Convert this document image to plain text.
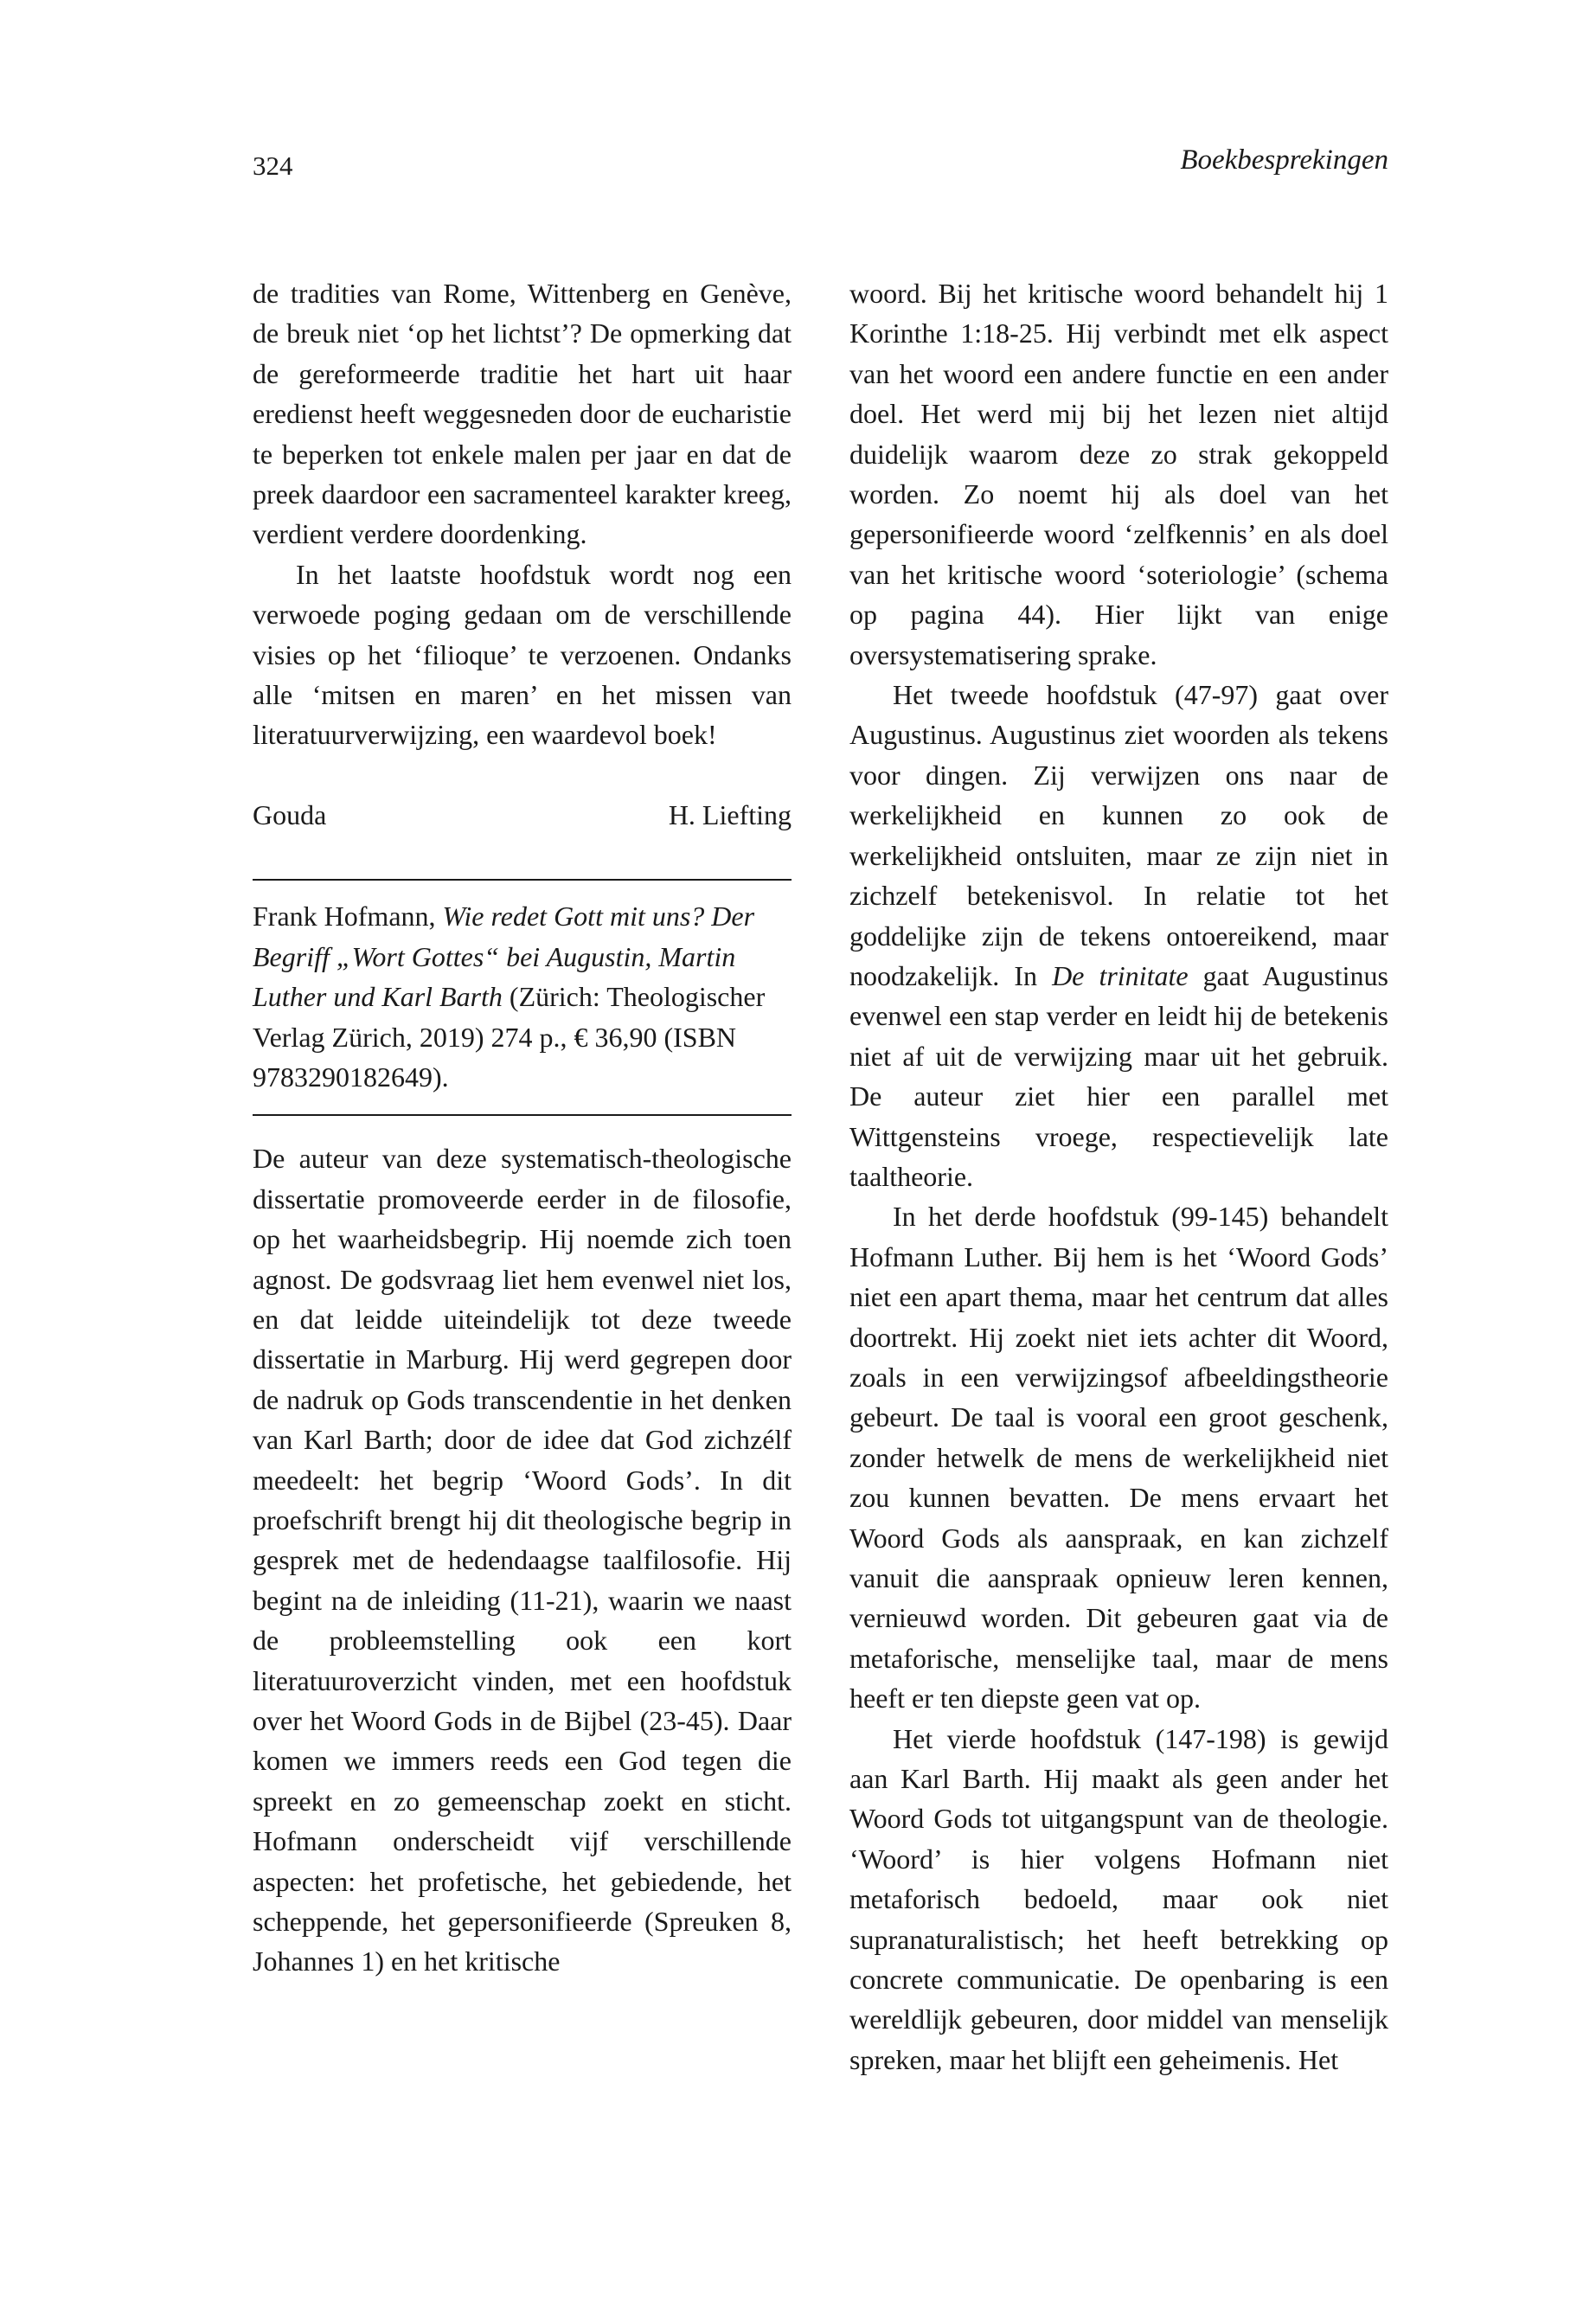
324	Boekbesprekingen

de tradities van Rome, Wittenberg en Genève, de breuk niet ‘op het lichtst’? De opmerking dat de gereformeerde traditie het hart uit haar eredienst heeft weggesneden door de eucharistie te beperken tot enkele malen per jaar en dat de preek daardoor een sacramenteel karakter kreeg, verdient verdere doordenking.

In het laatste hoofdstuk wordt nog een verwoede poging gedaan om de verschillende visies op het ‘filioque’ te verzoenen. Ondanks alle ‘mitsen en maren’ en het missen van literatuurverwijzing, een waardevol boek!

Gouda	H. Liefting
Frank Hofmann, Wie redet Gott mit uns? Der Begriff „Wort Gottes“ bei Augustin, Martin Luther und Karl Barth (Zürich: Theologischer Verlag Zürich, 2019) 274 p., € 36,90 (ISBN 9783290182649).

De auteur van deze systematisch-theologische dissertatie promoveerde eerder in de filosofie, op het waarheidsbegrip. Hij noemde zich toen agnost. De godsvraag liet hem evenwel niet los, en dat leidde uiteindelijk tot deze tweede dissertatie in Marburg. Hij werd gegrepen door de nadruk op Gods transcendentie in het denken van Karl Barth; door de idee dat God zichzélf meedeelt: het begrip ‘Woord Gods’. In dit proefschrift brengt hij dit theologische begrip in gesprek met de hedendaagse taalfilosofie. Hij begint na de inleiding (11-21), waarin we naast de probleemstelling ook een kort literatuuroverzicht vinden, met een hoofdstuk over het Woord Gods in de Bijbel (23-45). Daar komen we immers reeds een God tegen die spreekt en zo gemeenschap zoekt en sticht. Hofmann onderscheidt vijf verschillende aspecten: het profetische, het gebiedende, het scheppende, het gepersonifieerde (Spreuken 8, Johannes 1) en het kritische

woord. Bij het kritische woord behandelt hij 1 Korinthe 1:18-25. Hij verbindt met elk aspect van het woord een andere functie en een ander doel. Het werd mij bij het lezen niet altijd duidelijk waarom deze zo strak gekoppeld worden. Zo noemt hij als doel van het gepersonifieerde woord ‘zelfkennis’ en als doel van het kritische woord ‘soteriologie’ (schema op pagina 44). Hier lijkt van enige oversystematisering sprake.

Het tweede hoofdstuk (47-97) gaat over Augustinus. Augustinus ziet woorden als tekens voor dingen. Zij verwijzen ons naar de werkelijkheid en kunnen zo ook de werkelijkheid ontsluiten, maar ze zijn niet in zichzelf betekenisvol. In relatie tot het goddelijke zijn de tekens ontoereikend, maar noodzakelijk. In De trinitate gaat Augustinus evenwel een stap verder en leidt hij de betekenis niet af uit de verwijzing maar uit het gebruik. De auteur ziet hier een parallel met Wittgensteins vroege, respectievelijk late taaltheorie.

In het derde hoofdstuk (99-145) behandelt Hofmann Luther. Bij hem is het ‘Woord Gods’ niet een apart thema, maar het centrum dat alles doortrekt. Hij zoekt niet iets achter dit Woord, zoals in een verwijzingsof afbeeldingstheorie gebeurt. De taal is vooral een groot geschenk, zonder hetwelk de mens de werkelijkheid niet zou kunnen bevatten. De mens ervaart het Woord Gods als aanspraak, en kan zichzelf vanuit die aanspraak opnieuw leren kennen, vernieuwd worden. Dit gebeuren gaat via de metaforische, menselijke taal, maar de mens heeft er ten diepste geen vat op.

Het vierde hoofdstuk (147-198) is gewijd aan Karl Barth. Hij maakt als geen ander het Woord Gods tot uitgangspunt van de theologie. ‘Woord’ is hier volgens Hofmann niet metaforisch bedoeld, maar ook niet supranaturalistisch; het heeft betrekking op concrete communicatie. De openbaring is een wereldlijk gebeuren, door middel van menselijk spreken, maar het blijft een geheimenis. Het
